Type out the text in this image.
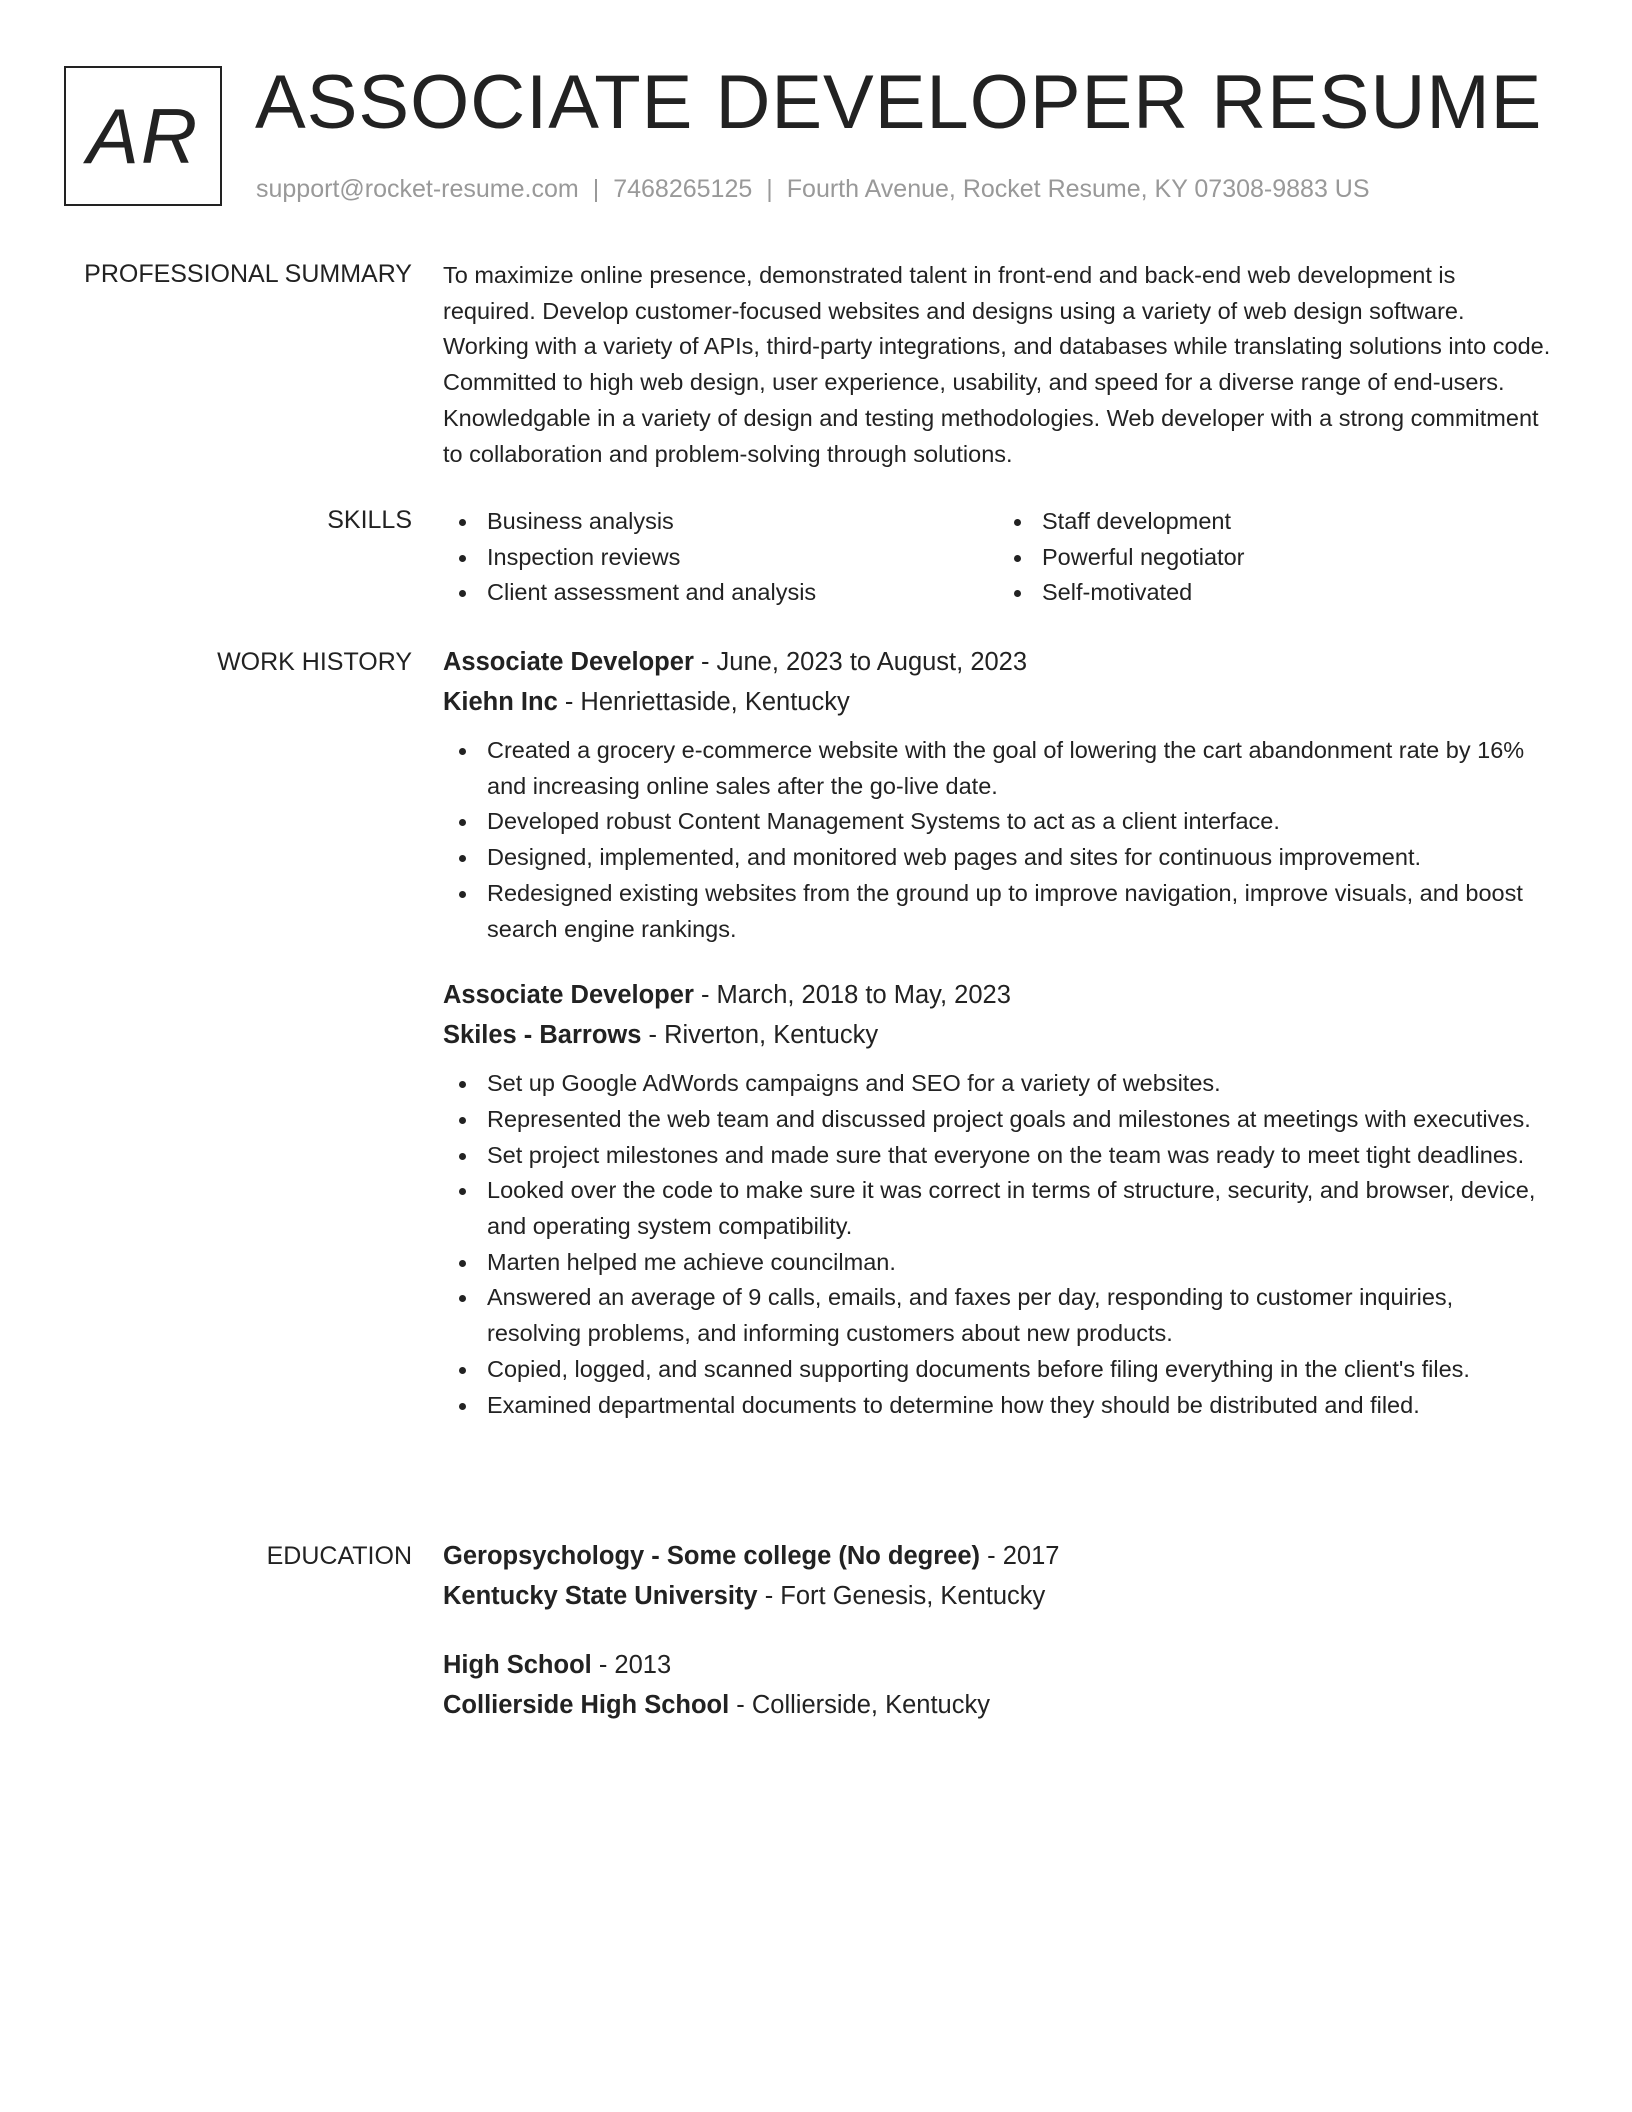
AR ASSOCIATE DEVELOPER RESUME
support@rocket-resume.com | 7468265125 | Fourth Avenue, Rocket Resume, KY 07308-9883 US
PROFESSIONAL SUMMARY To maximize online presence, demonstrated talent in front-end and back-end web development is required. Develop customer-focused websites and designs using a variety of web design software. Working with a variety of APIs, third-party integrations, and databases while translating solutions into code. Committed to high web design, user experience, usability, and speed for a diverse range of end-users. Knowledgable in a variety of design and testing methodologies. Web developer with a strong commitment to collaboration and problem-solving through solutions.

SKILLS	Business analysis
Inspection reviews
Client assessment and analysis
Staff development
Powerful negotiator
Self-motivated
WORK HISTORY Associate Developer - June, 2023 to August, 2023
Kiehn Inc - Henriettaside, Kentucky
Created a grocery e-commerce website with the goal of lowering the cart abandonment rate by 16% and increasing online sales after the go-live date.
Developed robust Content Management Systems to act as a client interface.
Designed, implemented, and monitored web pages and sites for continuous improvement.
Redesigned existing websites from the ground up to improve navigation, improve visuals, and boost search engine rankings.
Associate Developer - March, 2018 to May, 2023
Skiles - Barrows - Riverton, Kentucky
Set up Google AdWords campaigns and SEO for a variety of websites.
Represented the web team and discussed project goals and milestones at meetings with executives.
Set project milestones and made sure that everyone on the team was ready to meet tight deadlines.
Looked over the code to make sure it was correct in terms of structure, security, and browser, device, and operating system compatibility.
Marten helped me achieve councilman.
Answered an average of 9 calls, emails, and faxes per day, responding to customer inquiries, resolving problems, and informing customers about new products.
Copied, logged, and scanned supporting documents before filing everything in the client's files.
Examined departmental documents to determine how they should be distributed and filed.
EDUCATION Geropsychology - Some college (No degree) - 2017
Kentucky State University - Fort Genesis, Kentucky
High School - 2013
Collierside High School - Collierside, Kentucky
